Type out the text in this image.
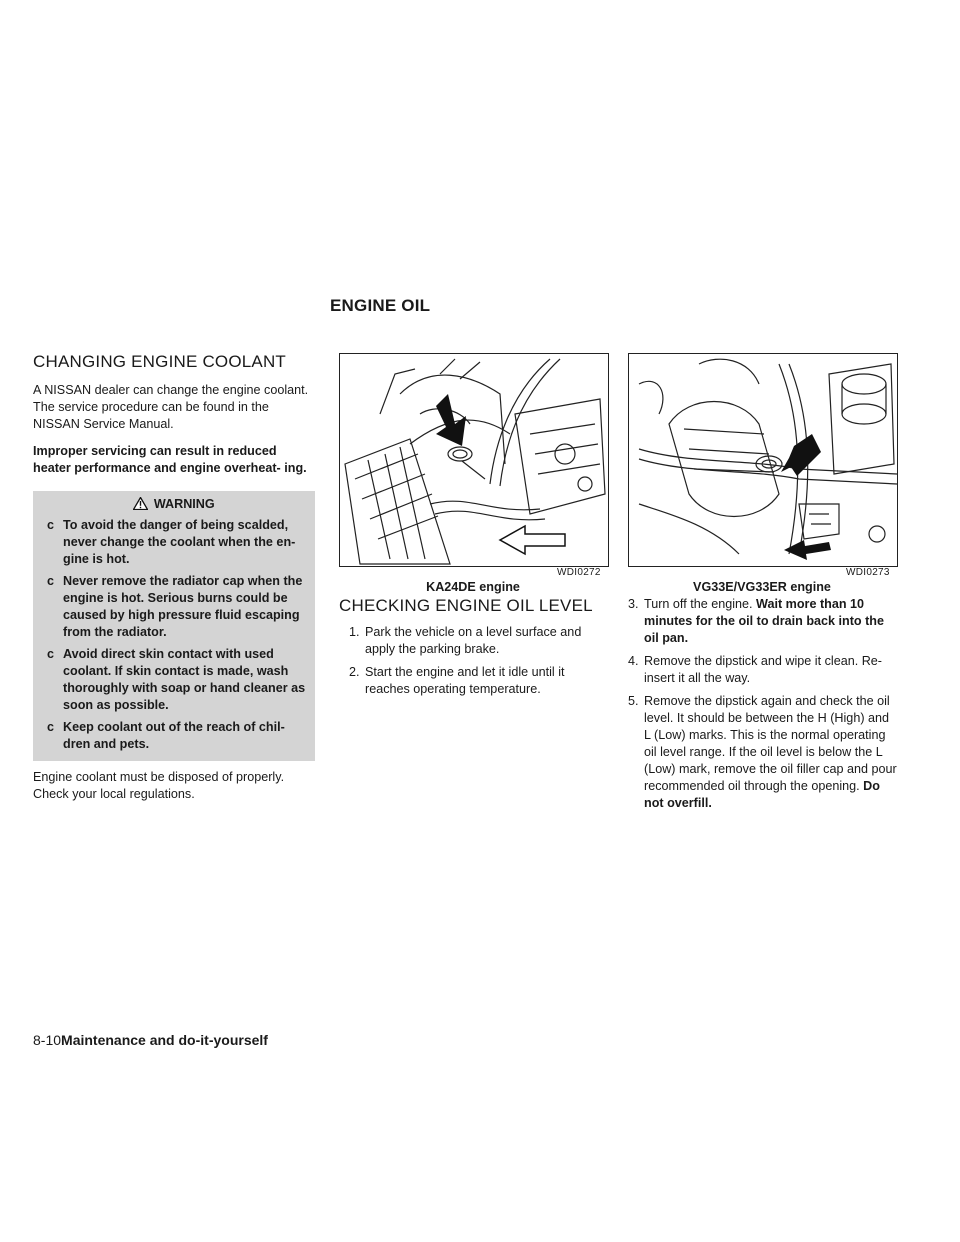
ENGINE OIL
CHANGING ENGINE COOLANT

A NISSAN dealer can change the engine coolant. The service procedure can be found in the NISSAN Service Manual.

Improper servicing can result in reduced heater performance and engine overheat- ing.

WARNING
c To avoid the danger of being scalded, never change the coolant when the en- gine is hot.
c Never remove the radiator cap when the engine is hot. Serious burns could be caused by high pressure fluid escaping from the radiator.
c Avoid direct skin contact with used coolant. If skin contact is made, wash thoroughly with soap or hand cleaner as soon as possible.
c Keep coolant out of the reach of chil- dren and pets.

Engine coolant must be disposed of properly. Check your local regulations.

WDI0272
KA24DE engine
WDI0273
VG33E/VG33ER engine
CHECKING ENGINE OIL LEVEL
1. Park the vehicle on a level surface and apply the parking brake.
2. Start the engine and let it idle until it reaches operating temperature.
3. Turn off the engine. Wait more than 10 minutes for the oil to drain back into the oil pan.
4. Remove the dipstick and wipe it clean. Re- insert it all the way.
5. Remove the dipstick again and check the oil level. It should be between the H (High) and L (Low) marks. This is the normal operating oil level range. If the oil level is below the L (Low) mark, remove the oil filler cap and pour recommended oil through the opening. Do not overfill.
8-10Maintenance and do-it-yourself
